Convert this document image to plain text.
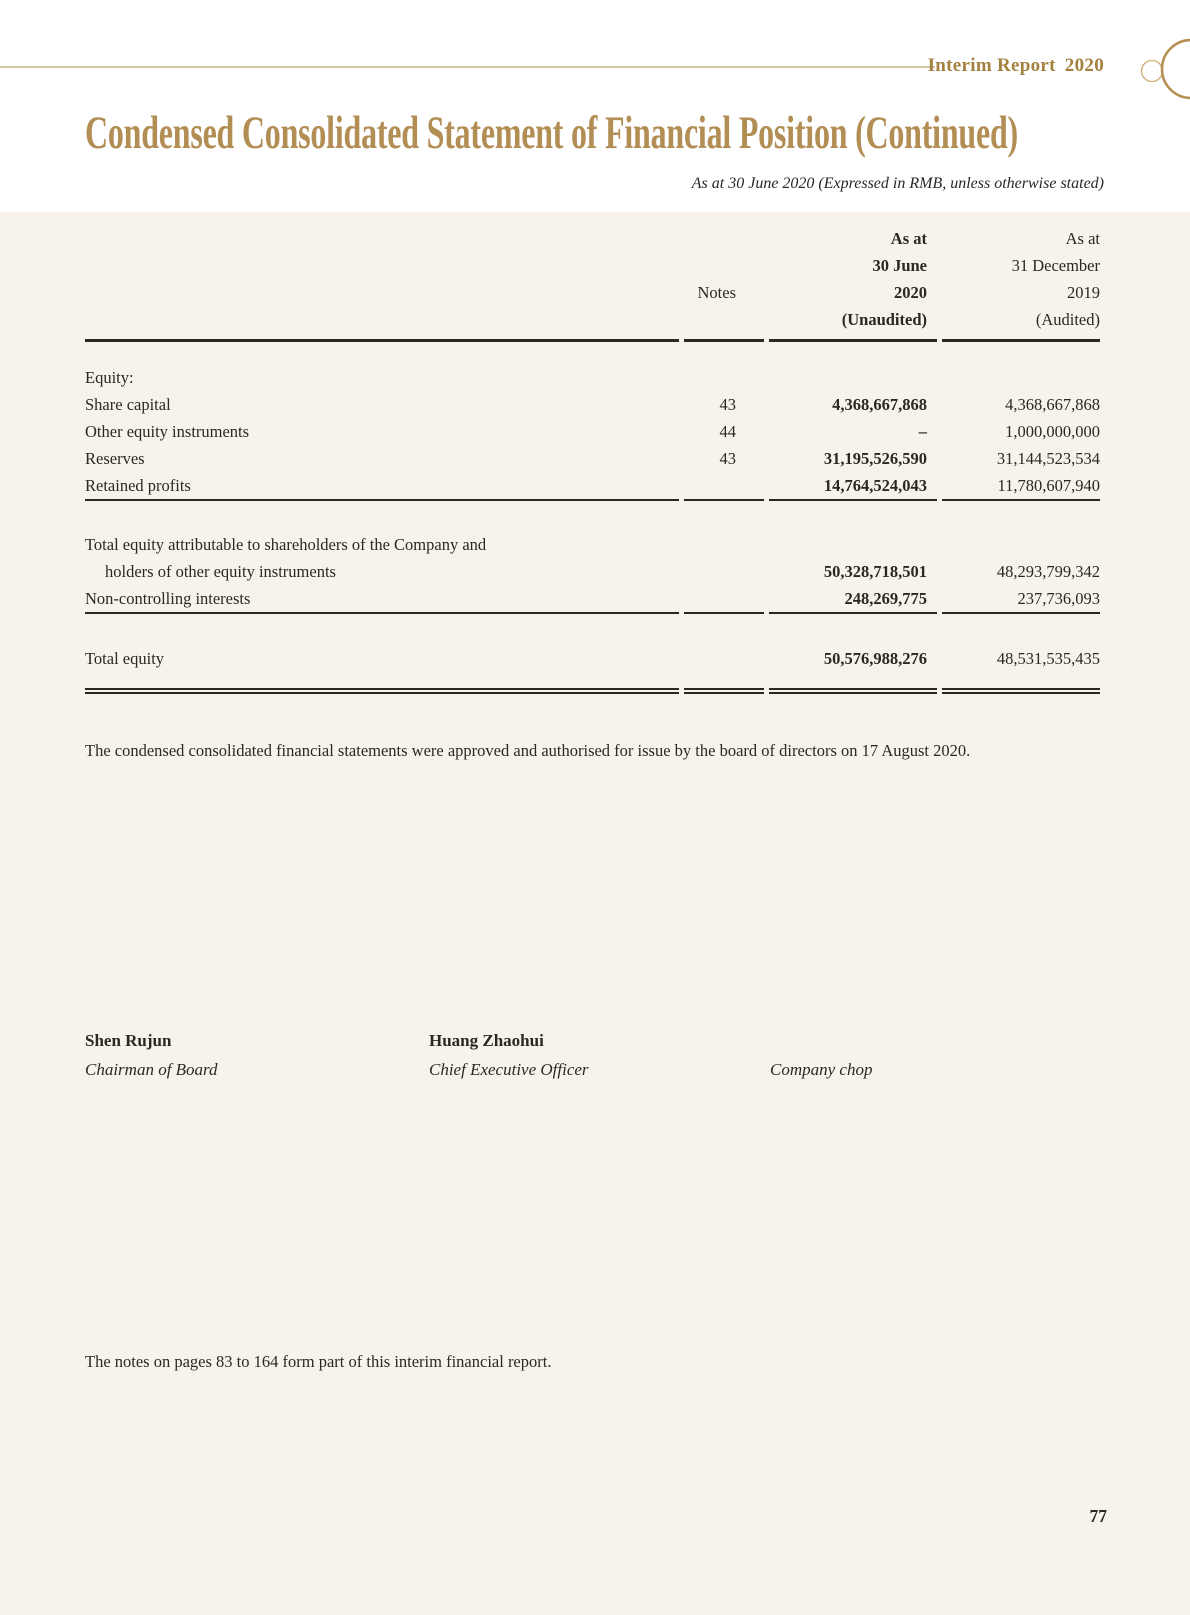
Interim Report 2020
Condensed Consolidated Statement of Financial Position (Continued)
As at 30 June 2020 (Expressed in RMB, unless otherwise stated)

Notes

As at
30 June
2020
(Unaudited)

As at
31 December
2019
(Audited)

Equity:			
Share capital	43	4,368,667,868	4,368,667,868
Other equity instruments	44	–	1,000,000,000
Reserves	43	31,195,526,590	31,144,523,534
Retained profits		14,764,524,043	11,780,607,940

Total equity attributable to shareholders of the Company and			
holders of other equity instruments		50,328,718,501	48,293,799,342
Non-controlling interests		248,269,775	237,736,093

Total equity		50,576,988,276	48,531,535,435
The condensed consolidated financial statements were approved and authorised for issue by the board of directors on 17 August 2020.
Shen Rujun
Chairman of Board
Huang Zhaohui
Chief Executive Officer	Company chop
The notes on pages 83 to 164 form part of this interim financial report.
77
